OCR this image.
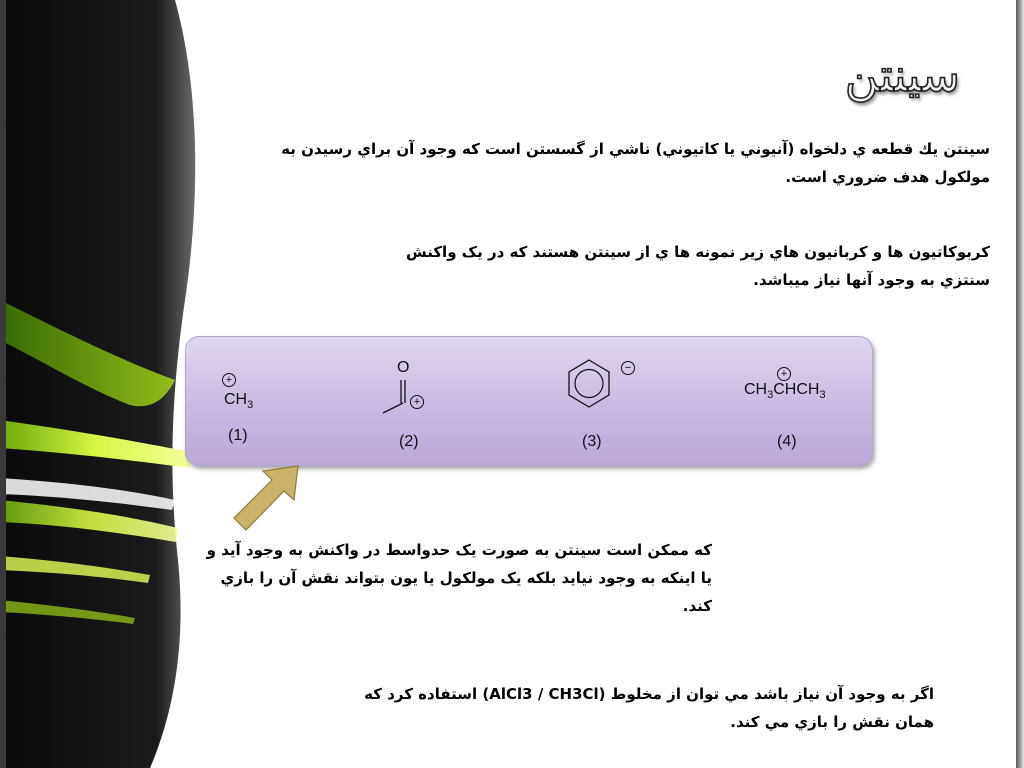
سینتن
سينتن يك قطعه ي دلخواه (آنيوني يا كاتيوني) ناشي از گسستن است كه وجود آن براي رسيدن به مولكول هدف ضروري است.
كربوكاتيون ها و كربانيون هاي زير نمونه ها ي از سينتن هستند كه در یک واکنش سنتزي به وجود آنها نیاز میباشد.
+
$CH_3$
(1)
O
+
(2)
−
(3)
+
$CH_3CHCH_3$
(4)
که ممکن است سینتن به صورت یک حدواسط در واکنش به وجود آید و یا اینکه به وجود نیاید بلکه یک مولکول یا یون بتواند نقش آن را بازي كند.
اگر به وجود آن نياز باشد مي توان از مخلوط (AlCl3 / CH3Cl) استفاده كرد كه همان نقش را بازي مي كند.
